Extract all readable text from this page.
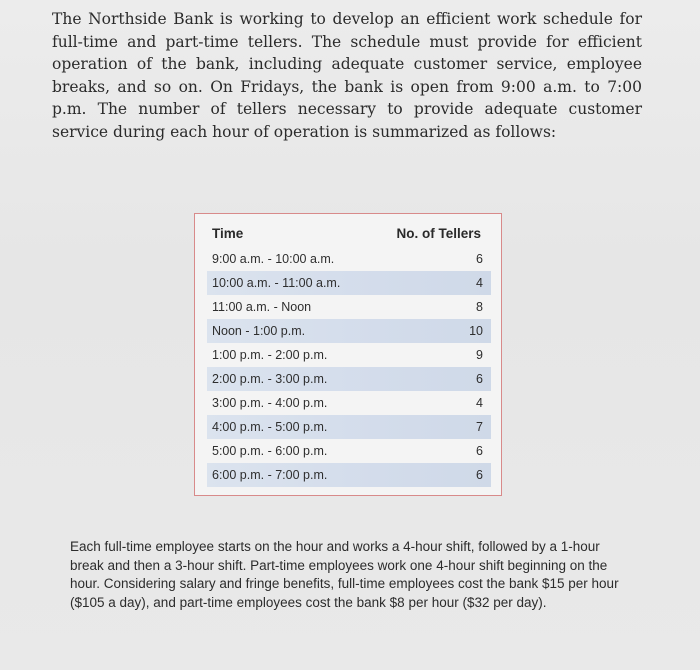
The Northside Bank is working to develop an efficient work schedule for full-time and part-time tellers. The schedule must provide for efficient operation of the bank, including adequate customer service, employee breaks, and so on. On Fridays, the bank is open from 9:00 a.m. to 7:00 p.m. The number of tellers necessary to provide adequate customer service during each hour of operation is summarized as follows:

Time	No. of Tellers
9:00 a.m. - 10:00 a.m.	6
10:00 a.m. - 11:00 a.m.	4
11:00 a.m. - Noon	8
Noon - 1:00 p.m.	10
1:00 p.m. - 2:00 p.m.	9
2:00 p.m. - 3:00 p.m.	6
3:00 p.m. - 4:00 p.m.	4
4:00 p.m. - 5:00 p.m.	7
5:00 p.m. - 6:00 p.m.	6
6:00 p.m. - 7:00 p.m.	6

Each full-time employee starts on the hour and works a 4-hour shift, followed by a 1-hour break and then a 3-hour shift. Part-time employees work one 4-hour shift beginning on the hour. Considering salary and fringe benefits, full-time employees cost the bank $15 per hour ($105 a day), and part-time employees cost the bank $8 per hour ($32 per day).
